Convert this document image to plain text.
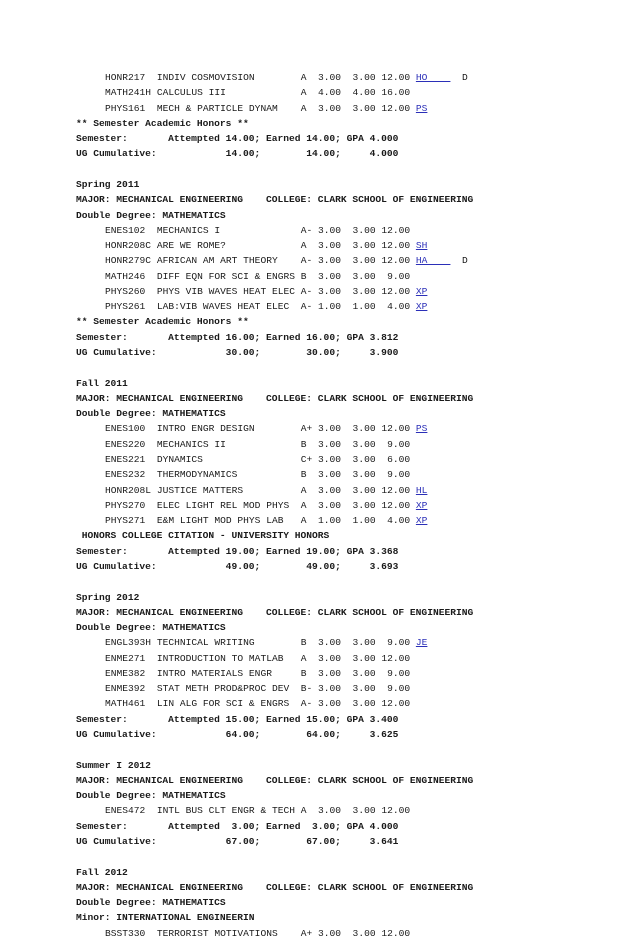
HONR217  INDIV COSMOVISION        A  3.00  3.00 12.00 HO      D
MATH241H CALCULUS III             A  4.00  4.00 16.00
PHYS161  MECH & PARTICLE DYNAM    A  3.00  3.00 12.00 PS
** Semester Academic Honors **
Semester:       Attempted 14.00; Earned 14.00; GPA 4.000
UG Cumulative:            14.00;        14.00;     4.000
Spring 2011
MAJOR: MECHANICAL ENGINEERING    COLLEGE: CLARK SCHOOL OF ENGINEERING
Double Degree: MATHEMATICS
ENES102  MECHANICS I              A- 3.00  3.00 12.00
HONR208C ARE WE ROME?             A  3.00  3.00 12.00 SH
HONR279C AFRICAN AM ART THEORY    A- 3.00  3.00 12.00 HA      D
MATH246  DIFF EQN FOR SCI & ENGRS B  3.00  3.00  9.00
PHYS260  PHYS VIB WAVES HEAT ELEC A- 3.00  3.00 12.00 XP
PHYS261  LAB:VIB WAVES HEAT ELEC  A- 1.00  1.00  4.00 XP
** Semester Academic Honors **
Semester:       Attempted 16.00; Earned 16.00; GPA 3.812
UG Cumulative:            30.00;        30.00;     3.900
Fall 2011
MAJOR: MECHANICAL ENGINEERING    COLLEGE: CLARK SCHOOL OF ENGINEERING
Double Degree: MATHEMATICS
ENES100  INTRO ENGR DESIGN        A+ 3.00  3.00 12.00 PS
ENES220  MECHANICS II             B  3.00  3.00  9.00
ENES221  DYNAMICS                 C+ 3.00  3.00  6.00
ENES232  THERMODYNAMICS           B  3.00  3.00  9.00
HONR208L JUSTICE MATTERS          A  3.00  3.00 12.00 HL
PHYS270  ELEC LIGHT REL MOD PHYS  A  3.00  3.00 12.00 XP
PHYS271  E&M LIGHT MOD PHYS LAB   A  1.00  1.00  4.00 XP
HONORS COLLEGE CITATION - UNIVERSITY HONORS
Semester:       Attempted 19.00; Earned 19.00; GPA 3.368
UG Cumulative:            49.00;        49.00;     3.693
Spring 2012
MAJOR: MECHANICAL ENGINEERING    COLLEGE: CLARK SCHOOL OF ENGINEERING
Double Degree: MATHEMATICS
ENGL393H TECHNICAL WRITING        B  3.00  3.00  9.00 JE
ENME271  INTRODUCTION TO MATLAB   A  3.00  3.00 12.00
ENME382  INTRO MATERIALS ENGR     B  3.00  3.00  9.00
ENME392  STAT METH PROD&PROC DEV  B- 3.00  3.00  9.00
MATH461  LIN ALG FOR SCI & ENGRS  A- 3.00  3.00 12.00
Semester:       Attempted 15.00; Earned 15.00; GPA 3.400
UG Cumulative:            64.00;        64.00;     3.625
Summer I 2012
MAJOR: MECHANICAL ENGINEERING    COLLEGE: CLARK SCHOOL OF ENGINEERING
Double Degree: MATHEMATICS
ENES472  INTL BUS CLT ENGR & TECH A  3.00  3.00 12.00
Semester:       Attempted  3.00; Earned  3.00; GPA 4.000
UG Cumulative:            67.00;        67.00;     3.641
Fall 2012
MAJOR: MECHANICAL ENGINEERING    COLLEGE: CLARK SCHOOL OF ENGINEERING
Double Degree: MATHEMATICS
Minor: INTERNATIONAL ENGINEERIN
BSST330  TERRORIST MOTIVATIONS    A+ 3.00  3.00 12.00
